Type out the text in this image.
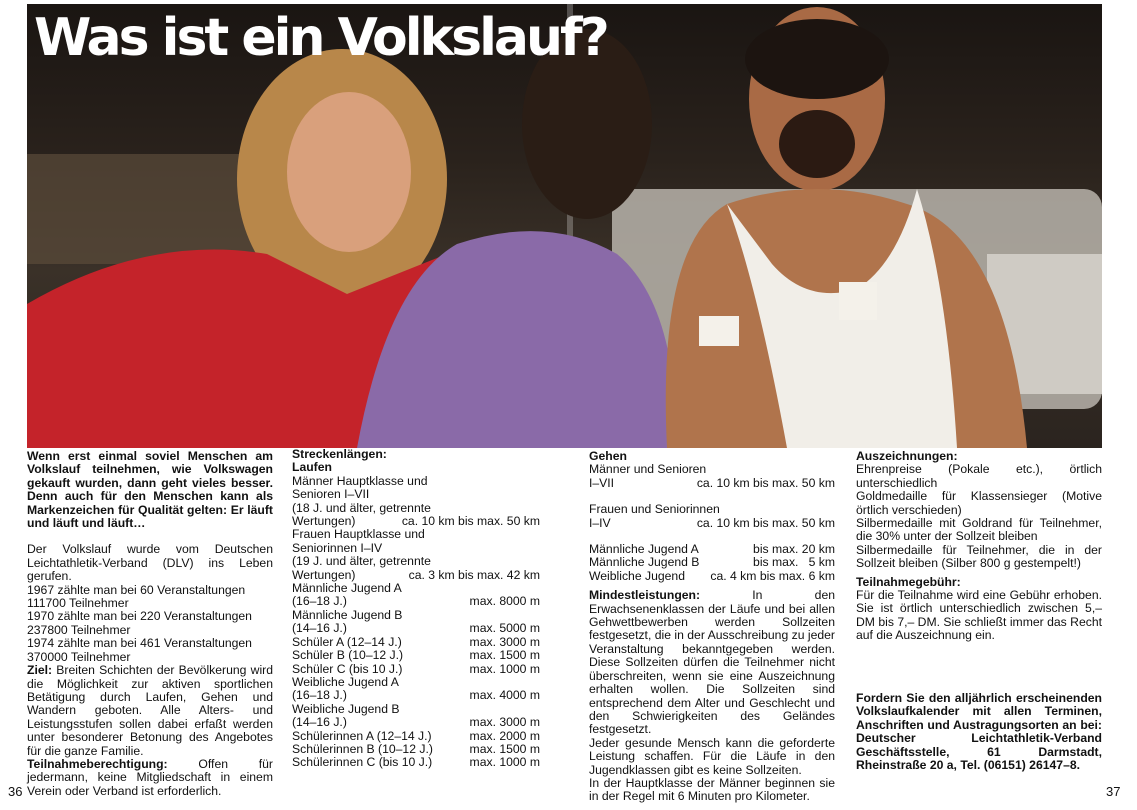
Was ist ein Volkslauf?

Wenn erst einmal soviel Menschen am Volkslauf teilnehmen, wie Volkswagen gekauft wurden, dann geht vieles besser. Denn auch für den Menschen kann als Markenzeichen für Qualität gelten: Er läuft und läuft und läuft…

Der Volkslauf wurde vom Deutschen Leichtathletik-Verband (DLV) ins Leben gerufen.

1967 zählte man bei 60 Veranstaltungen

111700 Teilnehmer

1970 zählte man bei 220 Veranstaltungen

237800 Teilnehmer

1974 zählte man bei 461 Veranstaltungen

370000 Teilnehmer

Ziel: Breiten Schichten der Bevölkerung wird die Möglichkeit zur aktiven sportlichen Betätigung durch Laufen, Gehen und Wandern geboten. Alle Alters- und Leistungsstufen sollen dabei erfaßt werden unter besonderer Betonung des Angebotes für die ganze Familie.

Teilnahmeberechtigung:	Offen für jedermann, keine Mitgliedschaft in einem Verein oder Verband ist erforderlich.

Streckenlängen:

Laufen

Männer Hauptklasse und

Senioren I–VII

(18 J. und älter, getrennte

Wertungen)	ca. 10 km bis max. 50 km

Frauen Hauptklasse und

Seniorinnen I–IV

(19 J. und älter, getrennte

Wertungen)	ca. 3 km bis max. 42 km

Männliche Jugend A

(16–18 J.)	max. 8000 m

Männliche Jugend B

(14–16 J.)	max. 5000 m
Schüler A (12–14 J.)	max. 3000 m
Schüler B (10–12 J.)	max. 1500 m
Schüler C (bis 10 J.)	max. 1000 m

Weibliche Jugend A

(16–18 J.)	max. 4000 m

Weibliche Jugend B

(14–16 J.)	max. 3000 m
Schülerinnen A (12–14 J.)	max. 2000 m
Schülerinnen B (10–12 J.)	max. 1500 m
Schülerinnen C (bis 10 J.)	max. 1000 m

Gehen

Männer und Senioren

I–VII	ca. 10 km bis max. 50 km

Frauen und Seniorinnen

I–IV	ca. 10 km bis max. 50 km
Männliche Jugend A	bis max. 20 km
Männliche Jugend B	bis max.   5 km
Weibliche Jugend ca. 4 km bis max. 6 km

Mindestleistungen:	In den Erwachsenenklassen der Läufe und bei allen Gehwettbewerben werden Sollzeiten festgesetzt, die in der Ausschreibung zu jeder Veranstaltung bekanntgegeben werden. Diese Sollzeiten dürfen die Teilnehmer nicht überschreiten, wenn sie eine Auszeichnung erhalten wollen. Die Sollzeiten sind entsprechend dem Alter und Geschlecht und den Schwierigkeiten des Geländes festgesetzt.

Jeder gesunde Mensch kann die geforderte Leistung schaffen. Für die Läufe in den Jugendklassen gibt es keine Sollzeiten.

In der Hauptklasse der Männer beginnen sie in der Regel mit 6 Minuten pro Kilometer.

Auszeichnungen:

Ehrenpreise (Pokale etc.), örtlich unterschiedlich

Goldmedaille für Klassensieger (Motive örtlich verschieden)

Silbermedaille mit Goldrand für Teilnehmer, die 30% unter der Sollzeit bleiben

Silbermedaille für Teilnehmer, die in der Sollzeit bleiben (Silber 800 g gestempelt!)

Teilnahmegebühr:

Für die Teilnahme wird eine Gebühr erhoben. Sie ist örtlich unterschiedlich zwischen 5,– DM bis 7,– DM. Sie schließt immer das Recht auf die Auszeichnung ein.

Fordern Sie den alljährlich erscheinenden Volkslaufkalender mit allen Terminen, Anschriften und Austragungsorten an bei: Deutscher Leichtathletik-Verband Geschäftsstelle, 61 Darmstadt, Rheinstraße 20 a, Tel. (06151) 26147–8.

36	37
